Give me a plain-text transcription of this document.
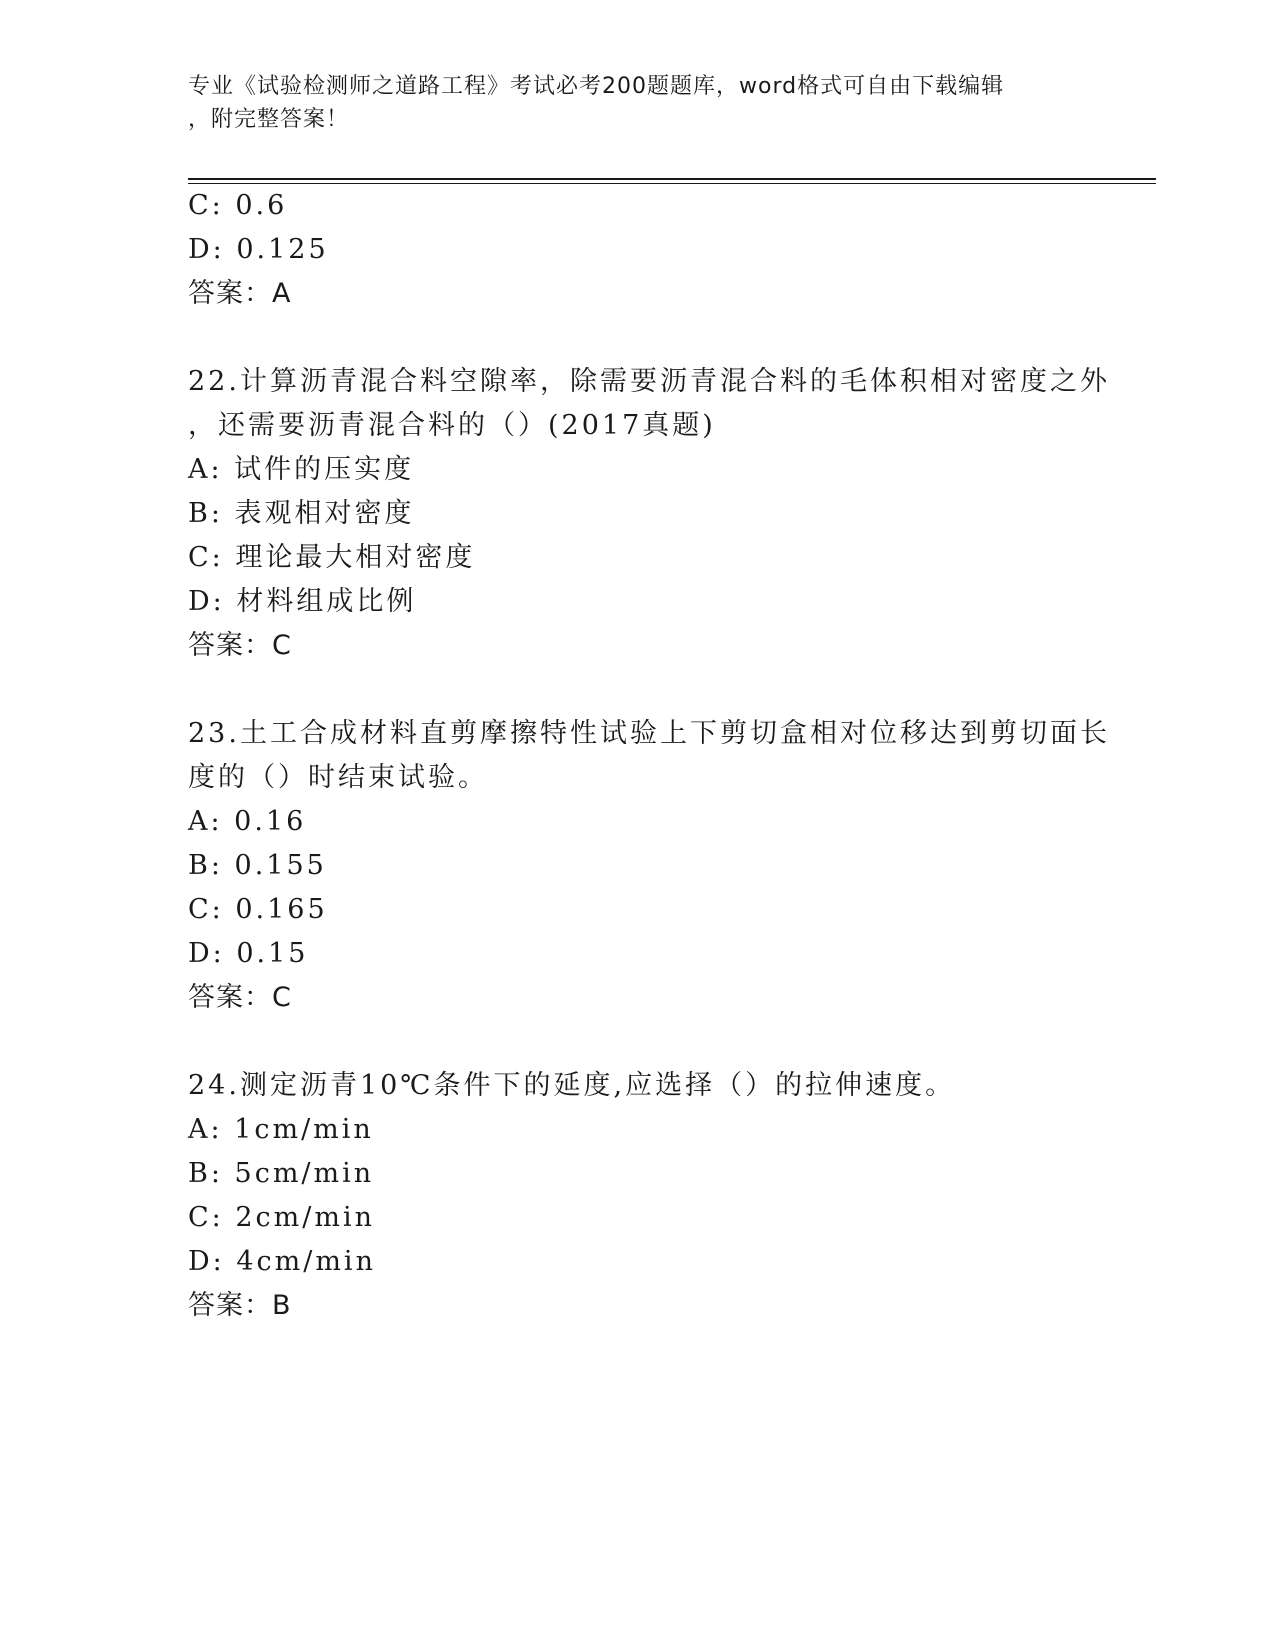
专业《试验检测师之道路工程》考试必考200题题库，word格式可自由下载编辑
，附完整答案！
C: 0.6
D: 0.125
答案：A
22.计算沥青混合料空隙率，除需要沥青混合料的毛体积相对密度之外
，还需要沥青混合料的（）(2017真题)
A: 试件的压实度
B: 表观相对密度
C: 理论最大相对密度
D: 材料组成比例
答案：C
23.土工合成材料直剪摩擦特性试验上下剪切盒相对位移达到剪切面长
度的（）时结束试验。
A: 0.16
B: 0.155
C: 0.165
D: 0.15
答案：C
24.测定沥青10℃条件下的延度,应选择（）的拉伸速度。
A: 1cm/min
B: 5cm/min
C: 2cm/min
D: 4cm/min
答案：B
